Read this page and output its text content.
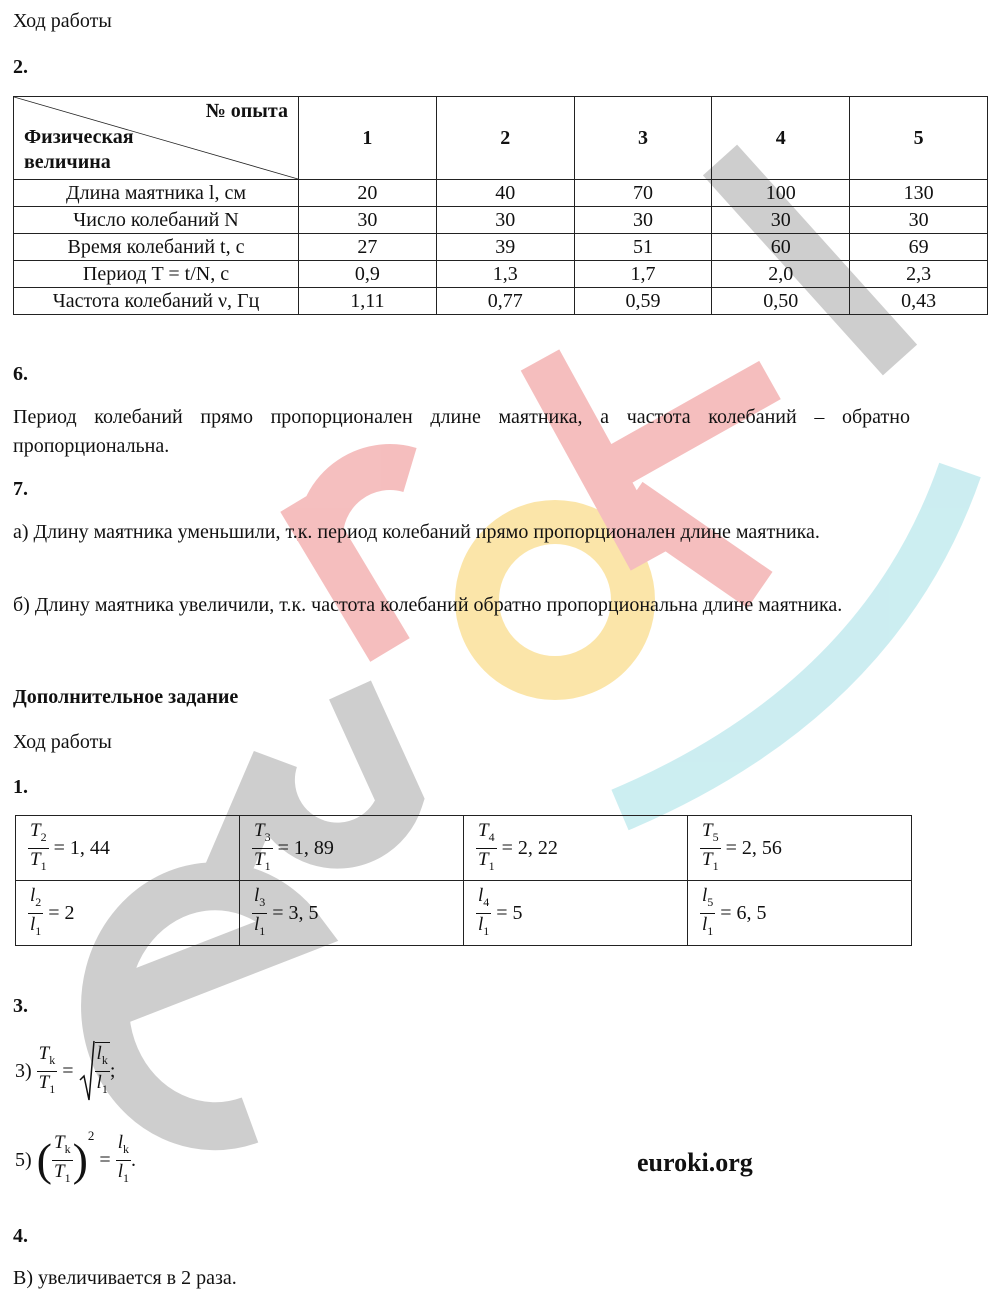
Ход работы
2.
№ опыта
Физическая
величина	1	2	3	4	5
Длина маятника l, см	20	40	70	100	130
Число колебаний N	30	30	30	30	30
Время колебаний t, с	27	39	51	60	69
Период T = t/N, с	0,9	1,3	1,7	2,0	2,3
Частота колебаний ν, Гц	1,11	0,77	0,59	0,50	0,43
6.
Период колебаний прямо пропорционален длине маятника, а частота колебаний – обратно пропорциональна.
7.
а) Длину маятника уменьшили, т.к. период колебаний прямо пропорционален длине маятника.
б) Длину маятника увеличили, т.к. частота колебаний обратно пропорциональна длине маятника.
Дополнительное задание
Ход работы
1.
$\frac{T_2}{T_1} = 1$, 44	$\frac{T_3}{T_1} = 1$, 89	$\frac{T_4}{T_1} = 2$, 22	$\frac{T_5}{T_1} = 2$, 56

$\frac{l_2}{l_1} = 2$	$\frac{l_3}{l_1} = 3$, 5	$\frac{l_4}{l_1} = 5$	$\frac{l_5}{l_1} = 6$, 5
3.
$3) \frac{T_k}{T_1} = \frac{l_k}{l_1}$ ;
5) ( $\frac{T_k}{T_1} )2 = \frac{l_k}{l_1}$ .	euroki.org
4.
В) увеличивается в 2 раза.
